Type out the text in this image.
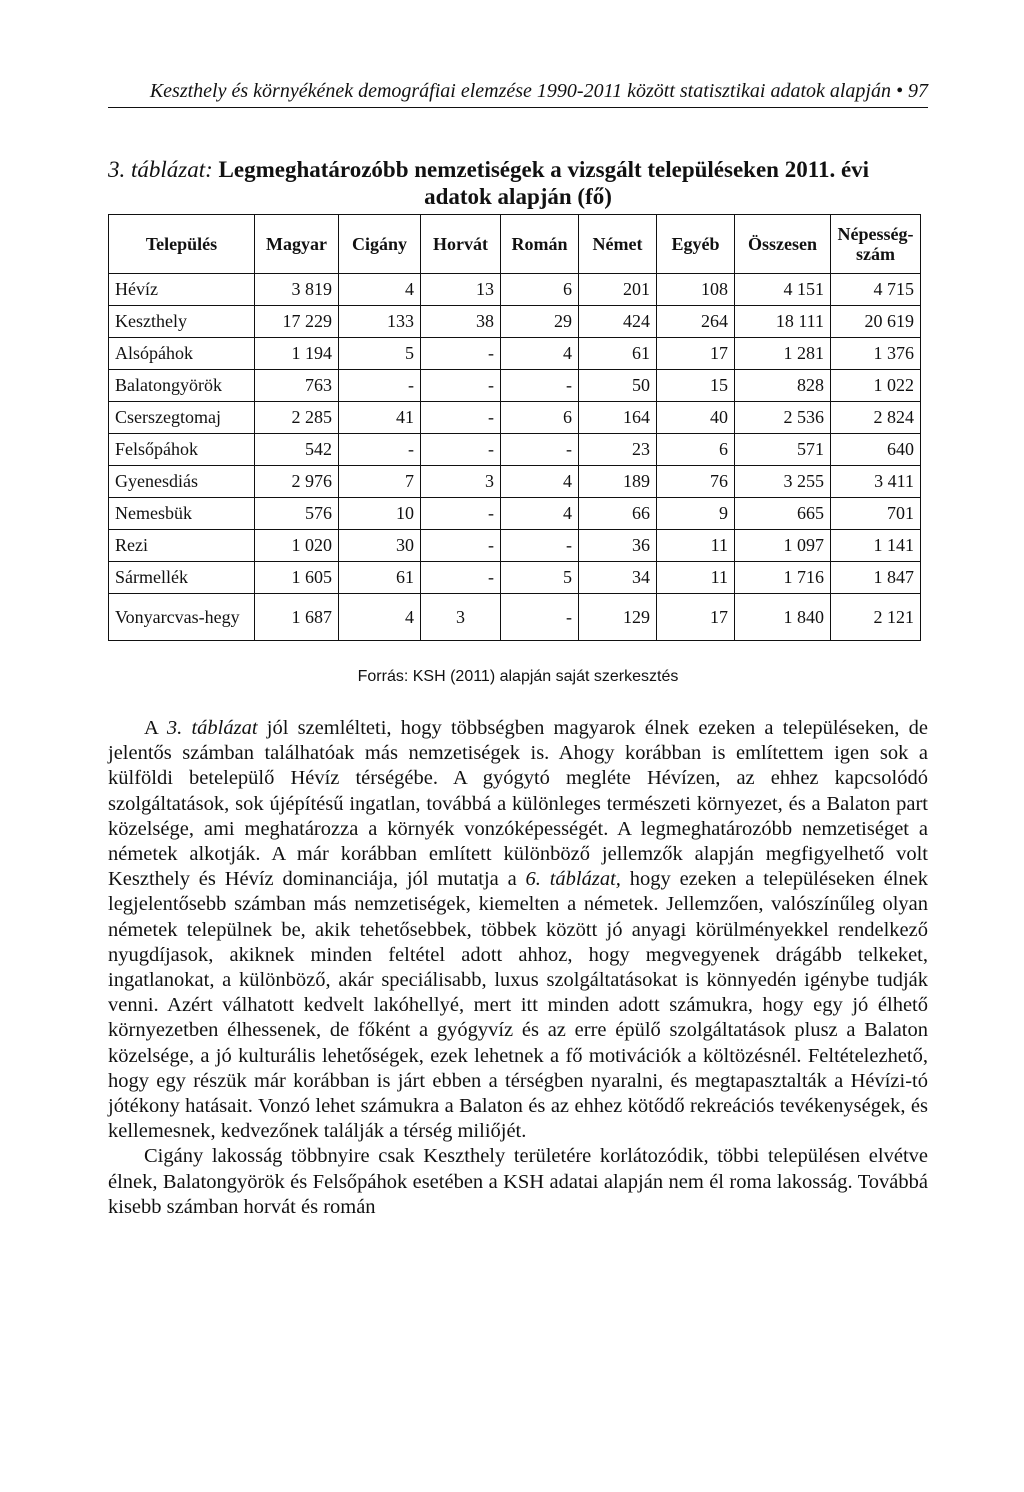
Keszthely és környékének demográfiai elemzése 1990-2011 között statisztikai adatok alapján • 97
3. táblázat: Legmeghatározóbb nemzetiségek a vizsgált településeken 2011. évi
adatok alapján (fő)
Település	Magyar	Cigány	Horvát	Román	Német	Egyéb	Összesen	Népesség-szám
Hévíz	3 819	4	13	6	201	108	4 151	4 715
Keszthely	17 229	133	38	29	424	264	18 111	20 619
Alsópáhok	1 194	5	-	4	61	17	1 281	1 376
Balatongyörök	763	-	-	-	50	15	828	1 022
Cserszegtomaj	2 285	41	-	6	164	40	2 536	2 824
Felsőpáhok	542	-	-	-	23	6	571	640
Gyenesdiás	2 976	7	3	4	189	76	3 255	3 411
Nemesbük	576	10	-	4	66	9	665	701
Rezi	1 020	30	-	-	36	11	1 097	1 141
Sármellék	1 605	61	-	5	34	11	1 716	1 847
Vonyarcvas-hegy	1 687	4	3	-	129	17	1 840	2 121
Forrás: KSH (2011) alapján saját szerkesztés

A 3. táblázat jól szemlélteti, hogy többségben magyarok élnek ezeken a településeken, de jelentős számban találhatóak más nemzetiségek is. Ahogy korábban is említettem igen sok a külföldi betelepülő Hévíz térségébe. A gyógytó megléte Hévízen, az ehhez kapcsolódó szolgáltatások, sok újépítésű ingatlan, továbbá a különleges természeti környezet, és a Balaton part közelsége, ami meghatározza a környék vonzóképességét. A legmeghatározóbb nemzetiséget a németek alkotják. A már korábban említett különböző jellemzők alapján megfigyelhető volt Keszthely és Hévíz dominanciája, jól mutatja a 6. táblázat, hogy ezeken a településeken élnek legjelentősebb számban más nemzetiségek, kiemelten a németek. Jellemzően, valószínűleg olyan németek települnek be, akik tehetősebbek, többek között jó anyagi körülményekkel rendelkező nyugdíjasok, akiknek minden feltétel adott ahhoz, hogy megvegyenek drágább telkeket, ingatlanokat, a különböző, akár speciálisabb, luxus szolgáltatásokat is könnyedén igénybe tudják venni. Azért válhatott kedvelt lakóhellyé, mert itt minden adott számukra, hogy egy jó élhető környezetben élhessenek, de főként a gyógyvíz és az erre épülő szolgáltatások plusz a Balaton közelsége, a jó kulturális lehetőségek, ezek lehetnek a fő motivációk a költözésnél. Feltételezhető, hogy egy részük már korábban is járt ebben a térségben nyaralni, és megtapasztalták a Hévízi-tó jótékony hatásait. Vonzó lehet számukra a Balaton és az ehhez kötődő rekreációs tevékenységek, és kellemesnek, kedvezőnek találják a térség miliőjét.

Cigány lakosság többnyire csak Keszthely területére korlátozódik, többi településen elvétve élnek, Balatongyörök és Felsőpáhok esetében a KSH adatai alapján nem él roma lakosság. Továbbá kisebb számban horvát és román
